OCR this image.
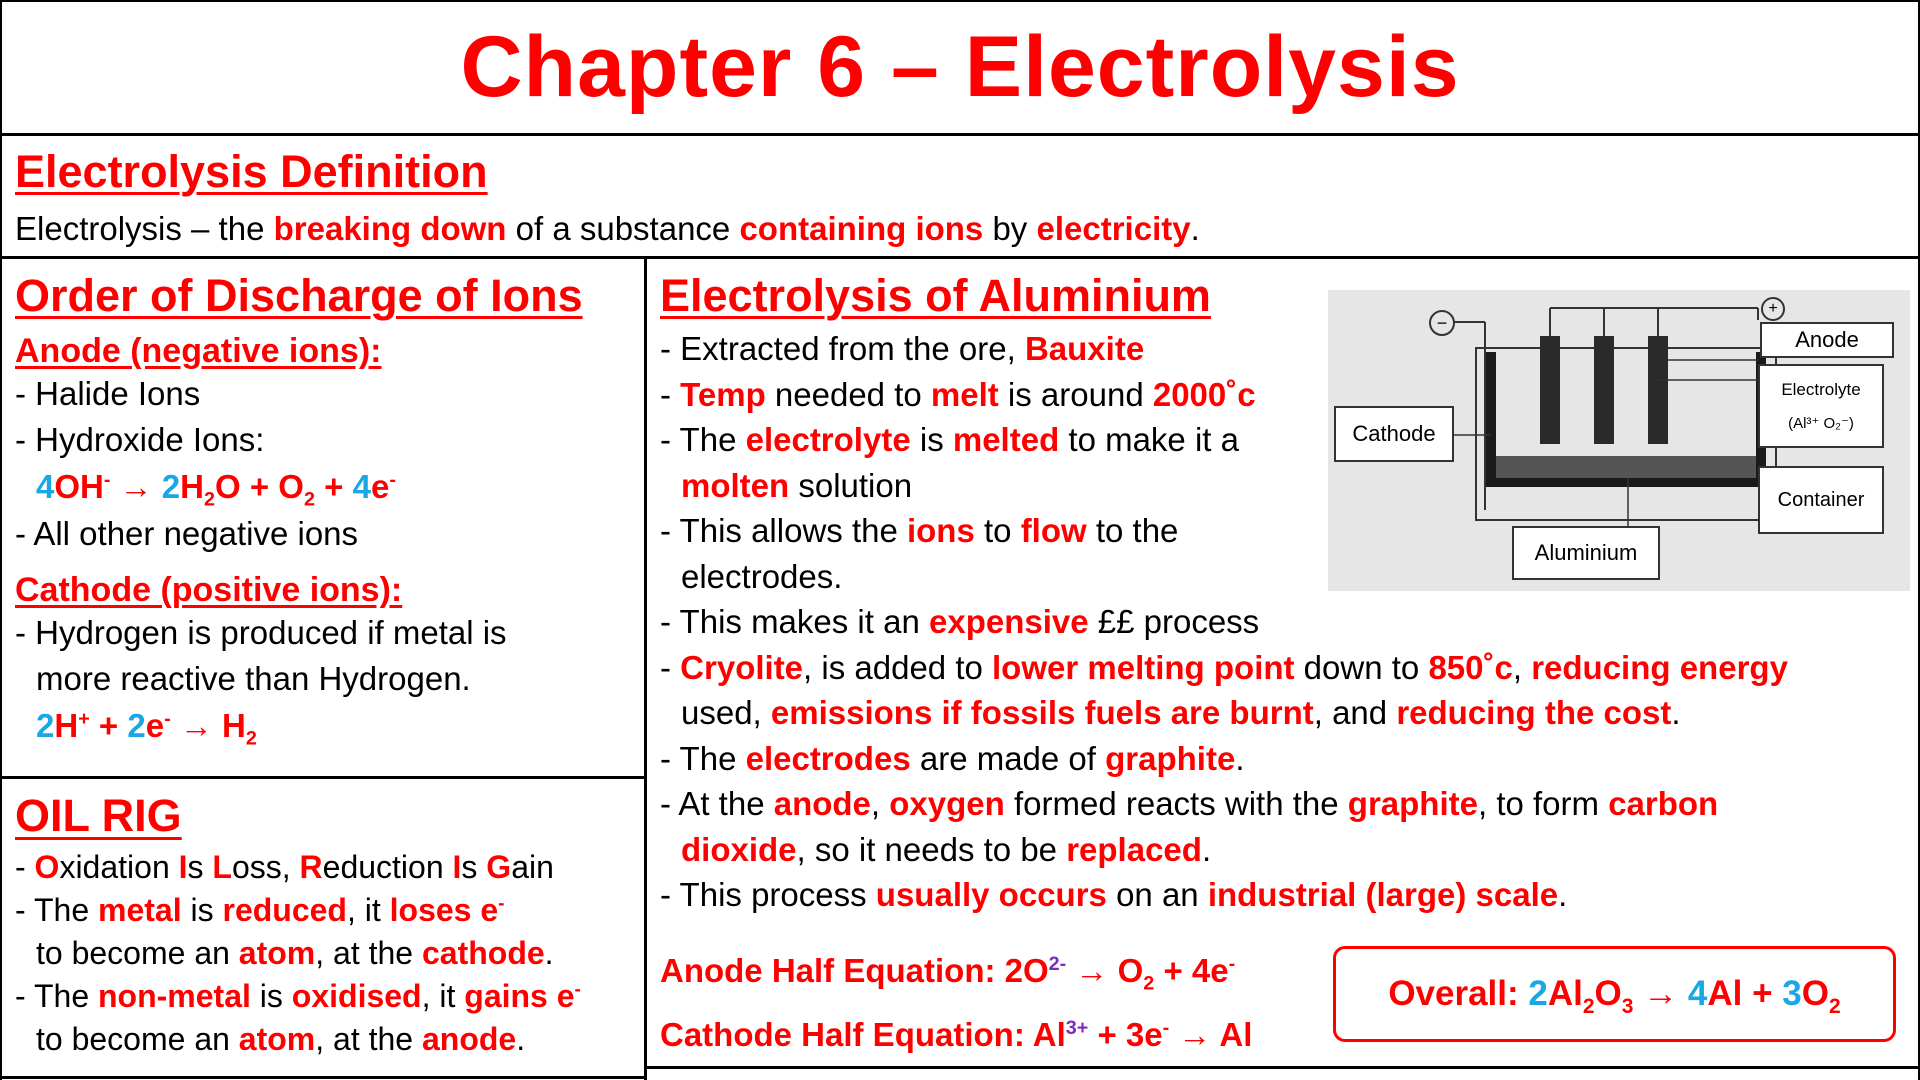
Chapter 6 – Electrolysis
Electrolysis Definition
Electrolysis – the breaking down of a substance containing ions by electricity.
Order of Discharge of Ions
Anode (negative ions):
- Halide Ions
- Hydroxide Ions:
$4OH^- \to 2H_2O + O_2 + 4e^-$
- All other negative ions
Cathode (positive ions):
- Hydrogen is produced if metal is
more reactive than Hydrogen.
$2H^+ + 2e^- \to H_2$
OIL RIG
- Oxidation Is Loss, Reduction Is Gain
- The metal is reduced, it loses e-
to become an atom, at the cathode.
- The non-metal is oxidised, it gains e-
to become an atom, at the anode.
Electrolysis of Aluminium
- Extracted from the ore, Bauxite
- Temp needed to melt is around 2000˚c
- The electrolyte is melted to make it a
molten solution
- This allows the ions to flow to the
electrodes.
- This makes it an expensive ££ process
- Cryolite, is added to lower melting point down to 850˚c, reducing energy
used, emissions if fossils fuels are burnt, and reducing the cost.
- The electrodes are made of graphite.
- At the anode, oxygen formed reacts with the graphite, to form carbon
dioxide, so it needs to be replaced.
- This process usually occurs on an industrial (large) scale.
−
+
Anode
Electrolyte
(Al³⁺ O₂⁻)
Cathode
Container
Aluminium
Anode Half Equation: $2O^{2-} \to O_2 + 4e^-$
Cathode Half Equation: $Al^{3+} + 3e^- \to Al$
Overall: $2Al_2O_3 \to 4Al + 3O_2$
